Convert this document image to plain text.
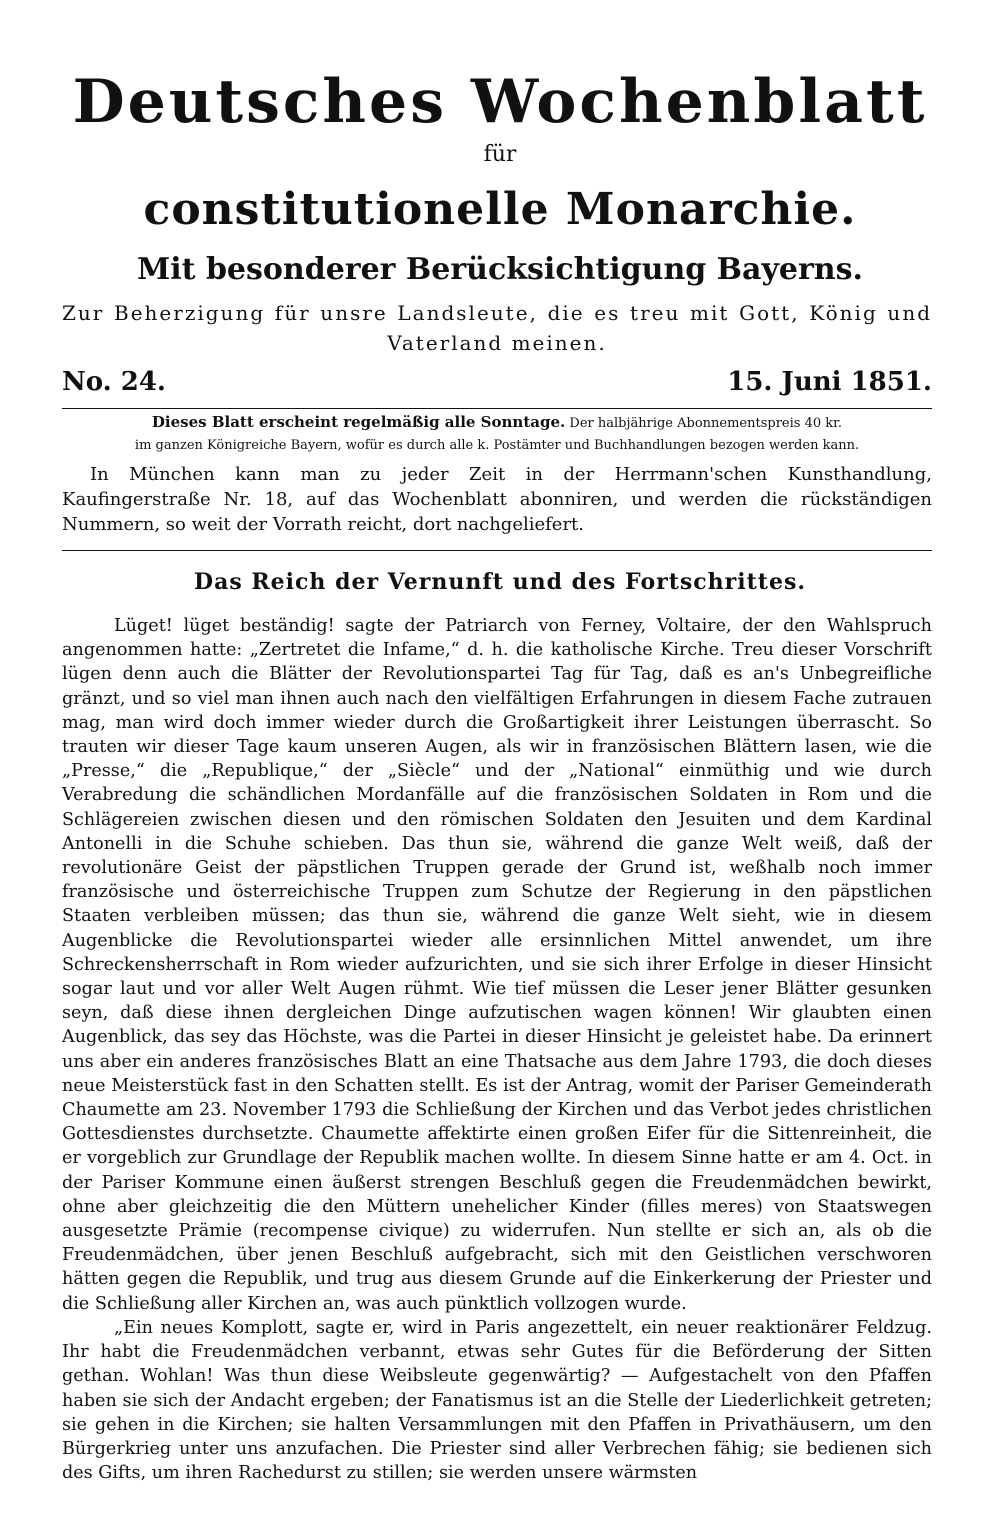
Deutsches Wochenblatt
für
constitutionelle Monarchie.
Mit besonderer Berücksichtigung Bayerns.
Zur Beherzigung für unsre Landsleute, die es treu mit Gott, König und Vaterland meinen.
No. 24.	15. Juni 1851.
Dieses Blatt erscheint regelmäßig alle Sonntage. Der halbjährige Abonnementspreis 40 kr.
im ganzen Königreiche Bayern, wofür es durch alle k. Postämter und Buchhandlungen bezogen werden kann.
In München kann man zu jeder Zeit in der Herrmann'schen Kunsthandlung, Kaufingerstraße Nr. 18, auf das Wochenblatt abonniren, und werden die rückständigen Nummern, so weit der Vorrath reicht, dort nachgeliefert.
Das Reich der Vernunft und des Fortschrittes.

Lüget! lüget beständig! sagte der Patriarch von Ferney, Voltaire, der den Wahlspruch angenommen hatte: „Zertretet die Infame,“ d. h. die katholische Kirche. Treu dieser Vorschrift lügen denn auch die Blätter der Revolutionspartei Tag für Tag, daß es an's Unbegreifliche gränzt, und so viel man ihnen auch nach den vielfältigen Erfahrungen in diesem Fache zutrauen mag, man wird doch immer wieder durch die Großartigkeit ihrer Leistungen überrascht. So trauten wir dieser Tage kaum unseren Augen, als wir in französischen Blättern lasen, wie die „Presse,“ die „Republique,“ der „Siècle“ und der „National“ einmüthig und wie durch Verabredung die schändlichen Mordanfälle auf die französischen Soldaten in Rom und die Schlägereien zwischen diesen und den römischen Soldaten den Jesuiten und dem Kardinal Antonelli in die Schuhe schieben. Das thun sie, während die ganze Welt weiß, daß der revolutionäre Geist der päpstlichen Truppen gerade der Grund ist, weßhalb noch immer französische und österreichische Truppen zum Schutze der Regierung in den päpstlichen Staaten verbleiben müssen; das thun sie, während die ganze Welt sieht, wie in diesem Augenblicke die Revolutionspartei wieder alle ersinnlichen Mittel anwendet, um ihre Schreckensherrschaft in Rom wieder aufzurichten, und sie sich ihrer Erfolge in dieser Hinsicht sogar laut und vor aller Welt Augen rühmt. Wie tief müssen die Leser jener Blätter gesunken seyn, daß diese ihnen dergleichen Dinge aufzutischen wagen können! Wir glaubten einen Augenblick, das sey das Höchste, was die Partei in dieser Hinsicht je geleistet habe. Da erinnert uns aber ein anderes französisches Blatt an eine Thatsache aus dem Jahre 1793, die doch dieses neue Meisterstück fast in den Schatten stellt. Es ist der Antrag, womit der Pariser Gemeinderath Chaumette am 23. November 1793 die Schließung der Kirchen und das Verbot jedes christlichen Gottesdienstes durchsetzte. Chaumette affektirte einen großen Eifer für die Sittenreinheit, die er vorgeblich zur Grundlage der Republik machen wollte. In diesem Sinne hatte er am 4. Oct. in der Pariser Kommune einen äußerst strengen Beschluß gegen die Freudenmädchen bewirkt, ohne aber gleichzeitig die den Müttern unehelicher Kinder (filles meres) von Staatswegen ausgesetzte Prämie (recompense civique) zu widerrufen. Nun stellte er sich an, als ob die Freudenmädchen, über jenen Beschluß aufgebracht, sich mit den Geistlichen verschworen hätten gegen die Republik, und trug aus diesem Grunde auf die Einkerkerung der Priester und die Schließung aller Kirchen an, was auch pünktlich vollzogen wurde.

„Ein neues Komplott, sagte er, wird in Paris angezettelt, ein neuer reaktionärer Feldzug. Ihr habt die Freudenmädchen verbannt, etwas sehr Gutes für die Beförderung der Sitten gethan. Wohlan! Was thun diese Weibsleute gegenwärtig? — Aufgestachelt von den Pfaffen haben sie sich der Andacht ergeben; der Fanatismus ist an die Stelle der Liederlichkeit getreten; sie gehen in die Kirchen; sie halten Versammlungen mit den Pfaffen in Privathäusern, um den Bürgerkrieg unter uns anzufachen. Die Priester sind aller Verbrechen fähig; sie bedienen sich des Gifts, um ihren Rachedurst zu stillen; sie werden unsere wärmsten
